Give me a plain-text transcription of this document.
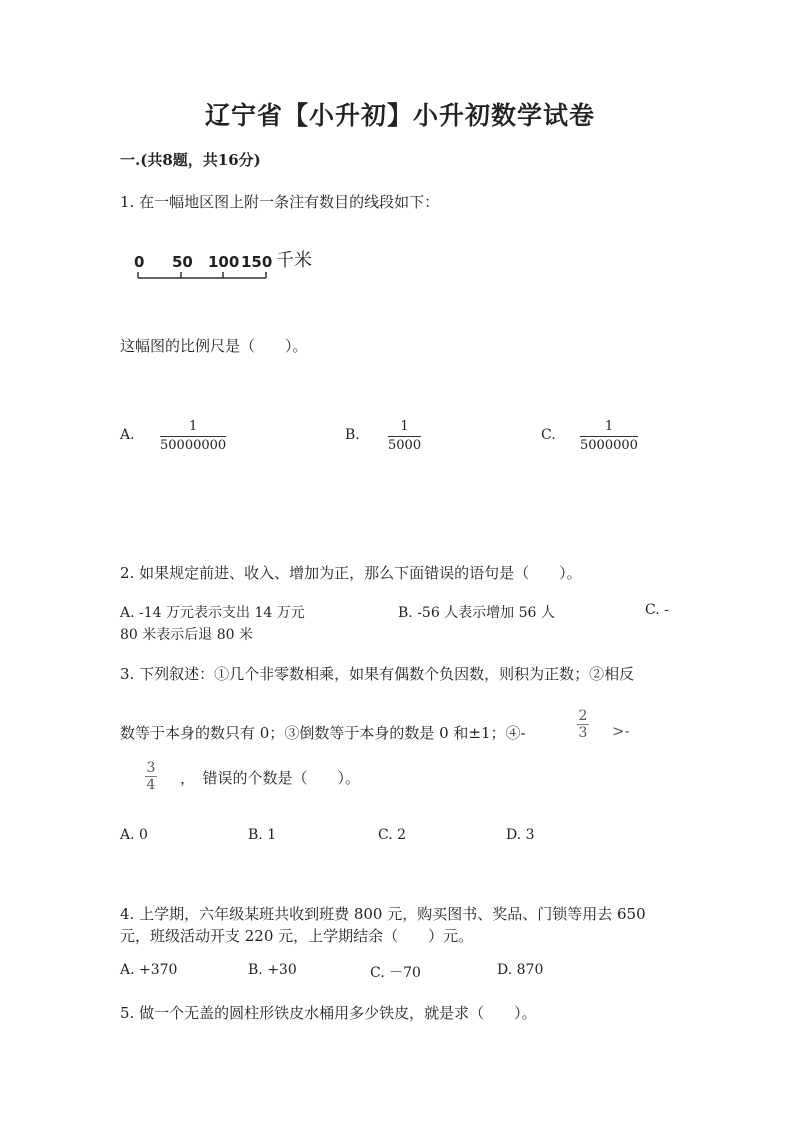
辽宁省【小升初】小升初数学试卷
一.(共8题，共16分)
1. 在一幅地区图上附一条注有数目的线段如下：
0 50 100 150 千米
这幅图的比例尺是（　　）。
A.
1
50000000
B.
1
5000
C.
1
5000000
2. 如果规定前进、收入、增加为正，那么下面错误的语句是（　　）。
A. -14 万元表示支出 14 万元	B. -56 人表示增加 56 人	C. -
80 米表示后退 80 米
3. 下列叙述：①几个非零数相乘，如果有偶数个负因数，则积为正数；②相反
数等于本身的数只有 0；③倒数等于本身的数是 0 和±1；④-
2
3 >-
3
4 ，　错误的个数是（　　）。
A. 0	B. 1	C. 2	D. 3
4. 上学期，六年级某班共收到班费 800 元，购买图书、奖品、门锁等用去 650
元，班级活动开支 220 元，上学期结余（　　）元。
A. +370	B. +30	C. －70	D. 870
5. 做一个无盖的圆柱形铁皮水桶用多少铁皮，就是求（　　）。
